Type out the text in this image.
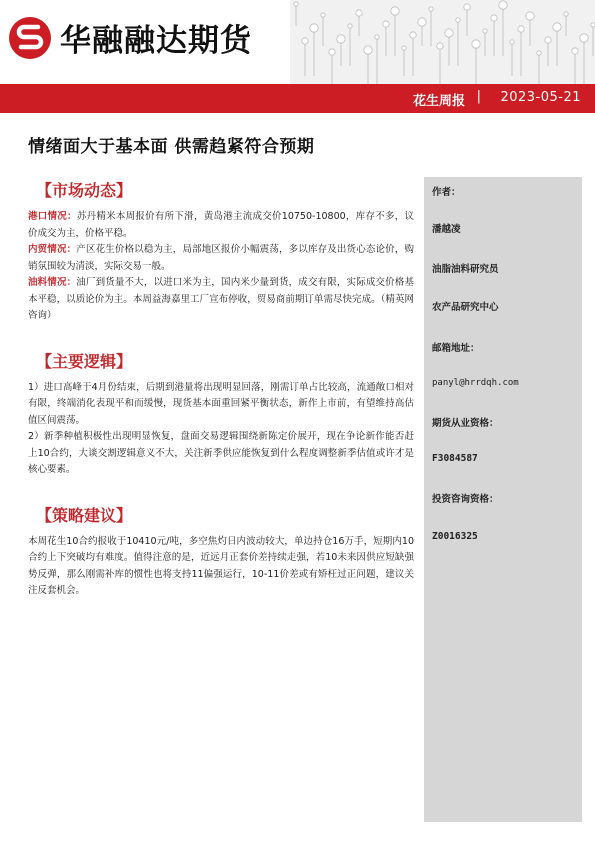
华融融达期货
花生周报 | 2023-05-21
情绪面大于基本面 供需趋紧符合预期
【市场动态】

港口情况：苏丹精米本周报价有所下滑，黄岛港主流成交价10750-10800，库存不多，议价成交为主，价格平稳。

内贸情况：产区花生价格以稳为主，局部地区报价小幅震荡，多以库存及出货心态论价，购销氛围较为清淡，实际交易一般。

油料情况：油厂到货量不大，以进口米为主，国内米少量到货，成交有限，实际成交价格基本平稳，以质论价为主。本周益海嘉里工厂宣布停收，贸易商前期订单需尽快完成。（精英网咨询）

【主要逻辑】

1）进口高峰于4月份结束，后期到港量将出现明显回落，刚需订单占比较高，流通敞口相对有限，终端消化表现平和而缓慢，现货基本面重回紧平衡状态，新作上市前，有望维持高估值区间震荡。

2）新季种植积极性出现明显恢复，盘面交易逻辑围绕新陈定价展开，现在争论新作能否赶上10合约，大谈交割逻辑意义不大，关注新季供应能恢复到什么程度调整新季估值或许才是核心要素。

【策略建议】

本周花生10合约报收于10410元/吨，多空焦灼日内波动较大，单边持仓16万手，短期内10合约上下突破均有难度。值得注意的是，近远月正套价差持续走强，若10未来因供应短缺强势反弹，那么刚需补库的惯性也将支持11偏强运行，10-11价差或有矫枉过正问题，建议关注反套机会。

作者：
潘越凌
油脂油料研究员
农产品研究中心
邮箱地址：
panyl@hrrdqh.com
期货从业资格：
F3084587
投资咨询资格：
Z0016325
